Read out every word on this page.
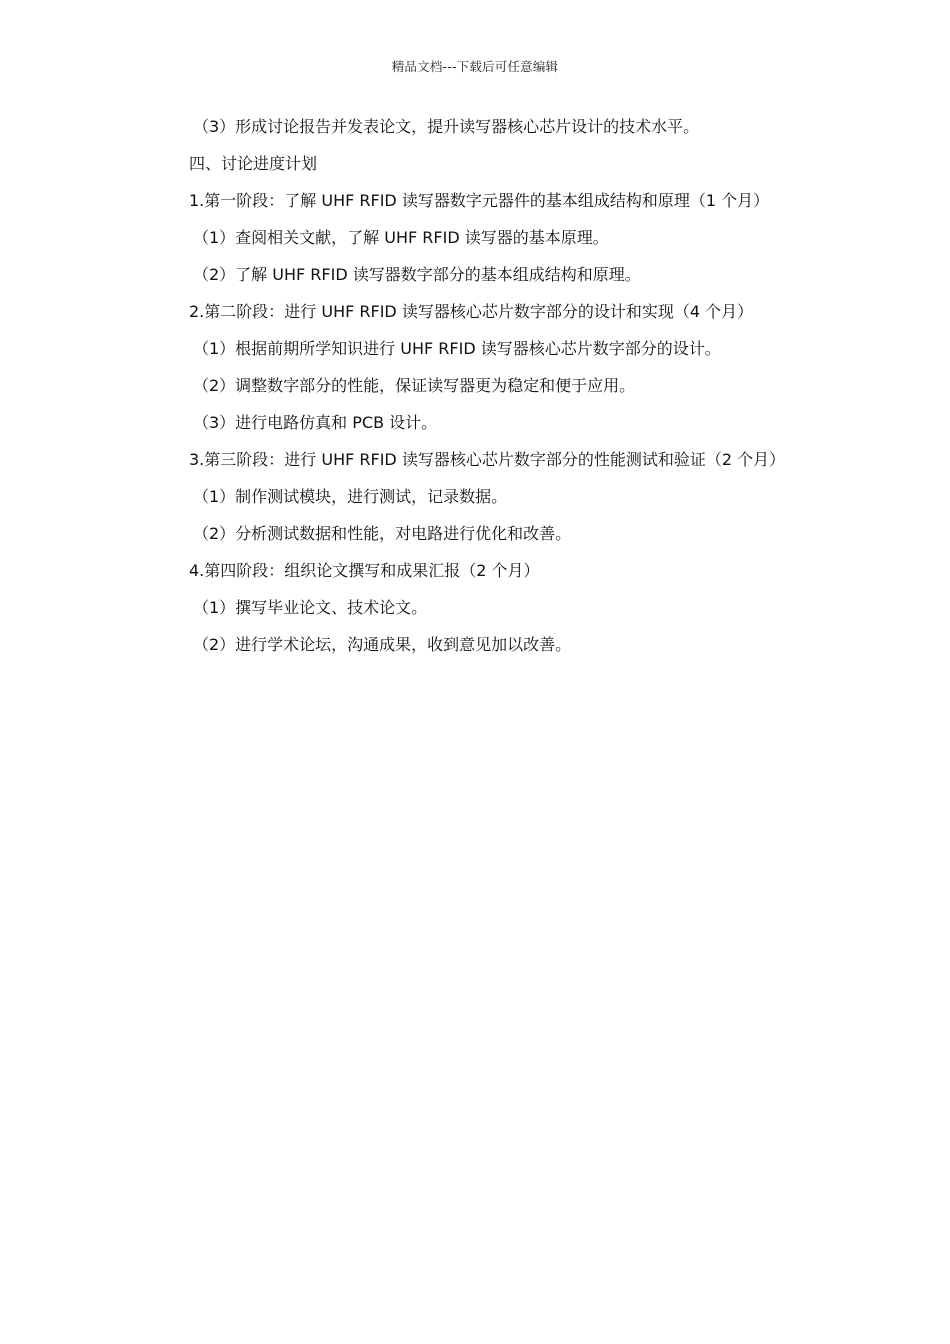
精品文档---下载后可任意编辑

（3）形成讨论报告并发表论文，提升读写器核心芯片设计的技术水平。

四、讨论进度计划

1.第一阶段：了解 UHF RFID 读写器数字元器件的基本组成结构和原理（1 个月）

（1）查阅相关文献，了解 UHF RFID 读写器的基本原理。

（2）了解 UHF RFID 读写器数字部分的基本组成结构和原理。

2.第二阶段：进行 UHF RFID 读写器核心芯片数字部分的设计和实现（4 个月）

（1）根据前期所学知识进行 UHF RFID 读写器核心芯片数字部分的设计。

（2）调整数字部分的性能，保证读写器更为稳定和便于应用。

（3）进行电路仿真和 PCB 设计。

3.第三阶段：进行 UHF RFID 读写器核心芯片数字部分的性能测试和验证（2 个月）

（1）制作测试模块，进行测试，记录数据。

（2）分析测试数据和性能，对电路进行优化和改善。

4.第四阶段：组织论文撰写和成果汇报（2 个月）

（1）撰写毕业论文、技术论文。

（2）进行学术论坛，沟通成果，收到意见加以改善。
